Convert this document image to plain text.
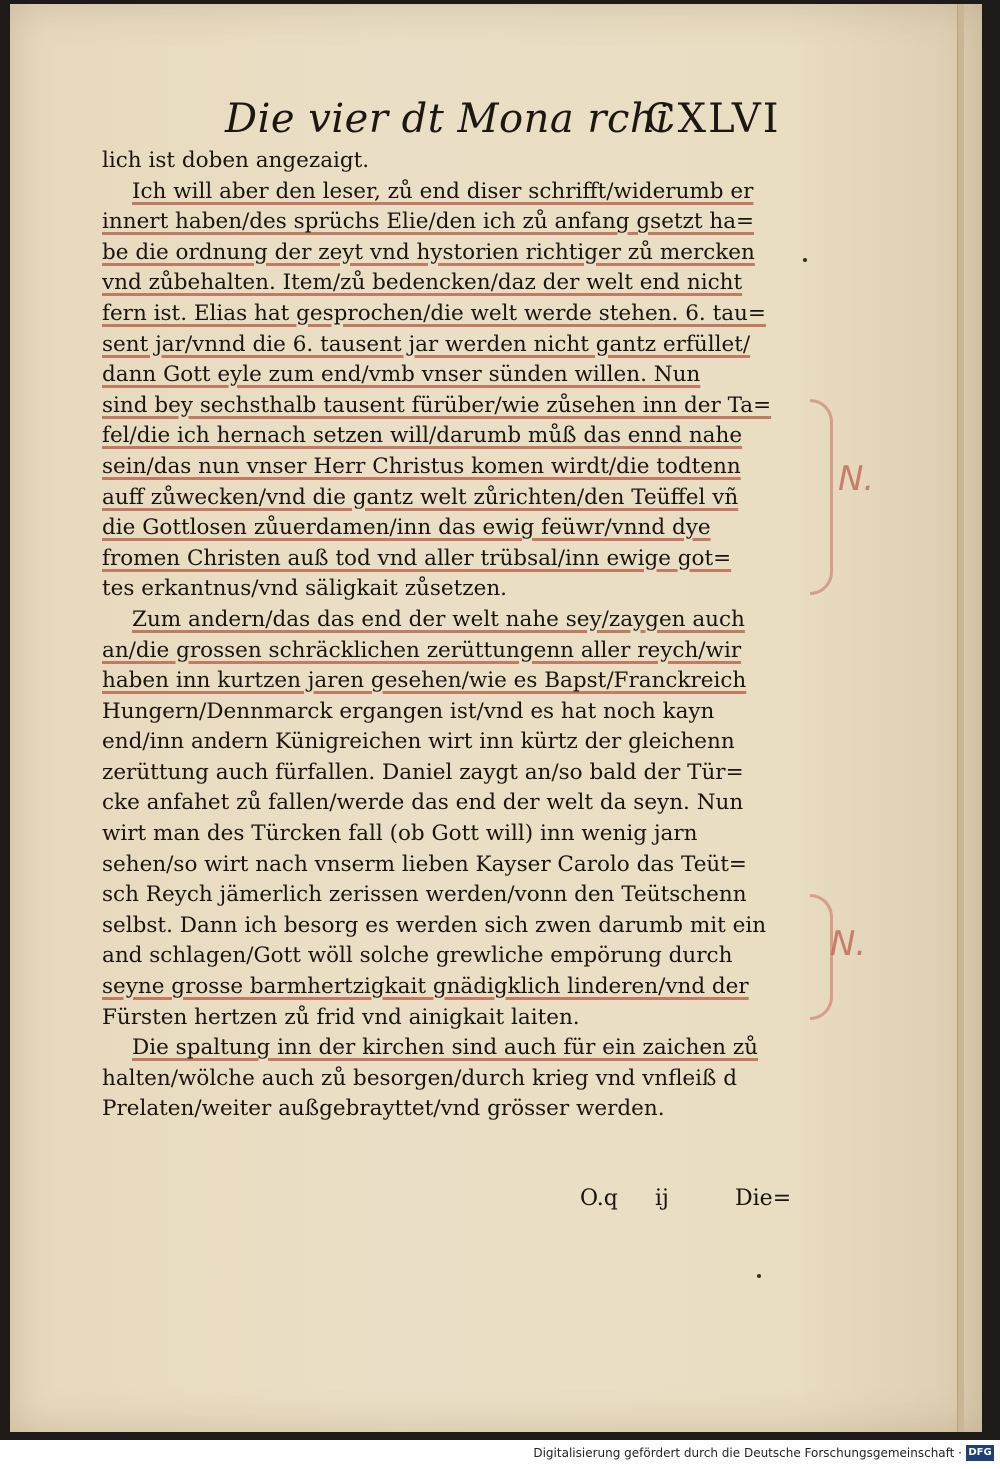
Die vier dt Mona rchi
CXLVI
lich ist doben angezaigt.
Ich will aber den leser, zů end diser schrifft/widerumb er
innert haben/des sprüchs Elie/den ich zů anfang gsetzt ha=
be die ordnung der zeyt vnd hystorien richtiger zů mercken
vnd zůbehalten. Item/zů bedencken/daz der welt end nicht
fern ist. Elias hat gesprochen/die welt werde stehen. 6. tau=
sent jar/vnnd die 6. tausent jar werden nicht gantz erfüllet/
dann Gott eyle zum end/vmb vnser sünden willen. Nun
sind bey sechsthalb tausent fürüber/wie zůsehen inn der Ta=
fel/die ich hernach setzen will/darumb můß das ennd nahe
sein/das nun vnser Herr Christus komen wirdt/die todtenn
auff zůwecken/vnd die gantz welt zůrichten/den Teüffel vñ
die Gottlosen zůuerdamen/inn das ewig feüwr/vnnd dye
fromen Christen auß tod vnd aller trübsal/inn ewige got=
tes erkantnus/vnd säligkait zůsetzen.
Zum andern/das das end der welt nahe sey/zaygen auch
an/die grossen schräcklichen zerüttungenn aller reych/wir
haben inn kurtzen jaren gesehen/wie es Bapst/Franckreich
Hungern/Dennmarck ergangen ist/vnd es hat noch kayn
end/inn andern Künigreichen wirt inn kürtz der gleichenn
zerüttung auch fürfallen. Daniel zaygt an/so bald der Tür=
cke anfahet zů fallen/werde das end der welt da seyn. Nun
wirt man des Türcken fall (ob Gott will) inn wenig jarn
sehen/so wirt nach vnserm lieben Kayser Carolo das Teüt=
sch Reych jämerlich zerissen werden/vonn den Teütschenn
selbst. Dann ich besorg es werden sich zwen darumb mit ein
and schlagen/Gott wöll solche grewliche empörung durch
seyne grosse barmhertzigkait gnädigklich linderen/vnd der
Fürsten hertzen zů frid vnd ainigkait laiten.
Die spaltung inn der kirchen sind auch für ein zaichen zů
halten/wölche auch zů besorgen/durch krieg vnd vnfleiß d
Prelaten/weiter außgebrayttet/vnd grösser werden.
O.q ij	Die=
N.
N.
Digitalisierung gefördert durch die Deutsche Forschungsgemeinschaft · DFG
